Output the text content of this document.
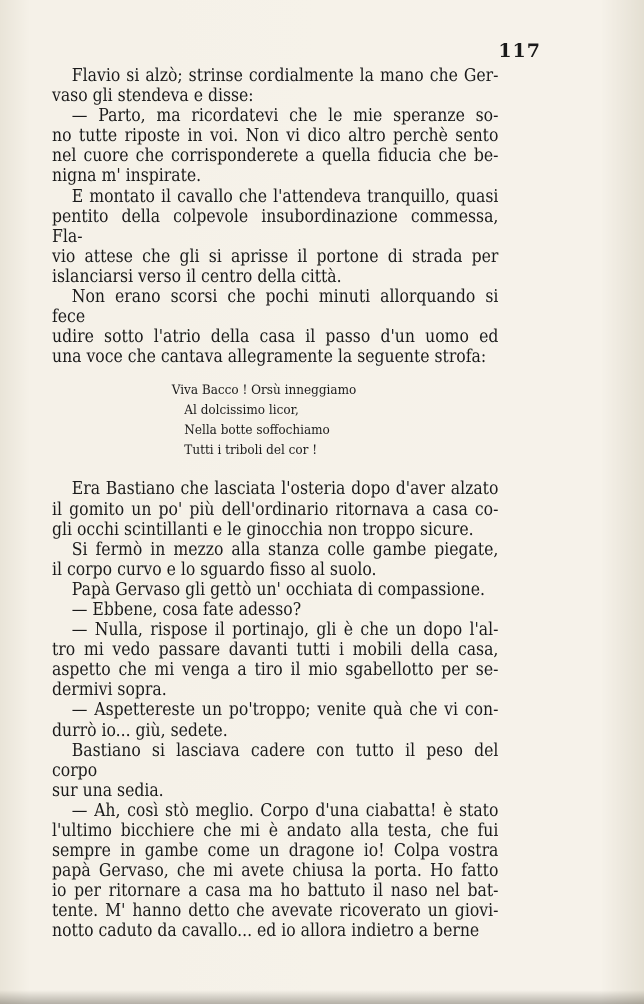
117

Flavio si alzò; strinse cordialmente la mano che Ger-

vaso gli stendeva e disse:

— Parto, ma ricordatevi che le mie speranze so-

no tutte riposte in voi. Non vi dico altro perchè sento

nel cuore che corrisponderete a quella fiducia che be-

nigna m' inspirate.

E montato il cavallo che l'attendeva tranquillo, quasi

pentito della colpevole insubordinazione commessa, Fla-

vio attese che gli si aprisse il portone di strada per

islanciarsi verso il centro della città.

Non erano scorsi che pochi minuti allorquando si fece

udire sotto l'atrio della casa il passo d'un uomo ed

una voce che cantava allegramente la seguente strofa:

Viva Bacco ! Orsù inneggiamo
Al dolcissimo licor,
Nella botte soffochiamo
Tutti i triboli del cor !

Era Bastiano che lasciata l'osteria dopo d'aver alzato

il gomito un po' più dell'ordinario ritornava a casa co-

gli occhi scintillanti e le ginocchia non troppo sicure.

Si fermò in mezzo alla stanza colle gambe piegate,

il corpo curvo e lo sguardo fisso al suolo.

Papà Gervaso gli gettò un' occhiata di compassione.

— Ebbene, cosa fate adesso?

— Nulla, rispose il portinajo, gli è che un dopo l'al-

tro mi vedo passare davanti tutti i mobili della casa,

aspetto che mi venga a tiro il mio sgabellotto per se-

dermivi sopra.

— Aspettereste un po'troppo; venite quà che vi con-

durrò io... giù, sedete.

Bastiano si lasciava cadere con tutto il peso del corpo

sur una sedia.

— Ah, così stò meglio. Corpo d'una ciabatta! è stato

l'ultimo bicchiere che mi è andato alla testa, che fui

sempre in gambe come un dragone io! Colpa vostra

papà Gervaso, che mi avete chiusa la porta. Ho fatto

io per ritornare a casa ma ho battuto il naso nel bat-

tente. M' hanno detto che avevate ricoverato un giovi-

notto caduto da cavallo... ed io allora indietro a berne
